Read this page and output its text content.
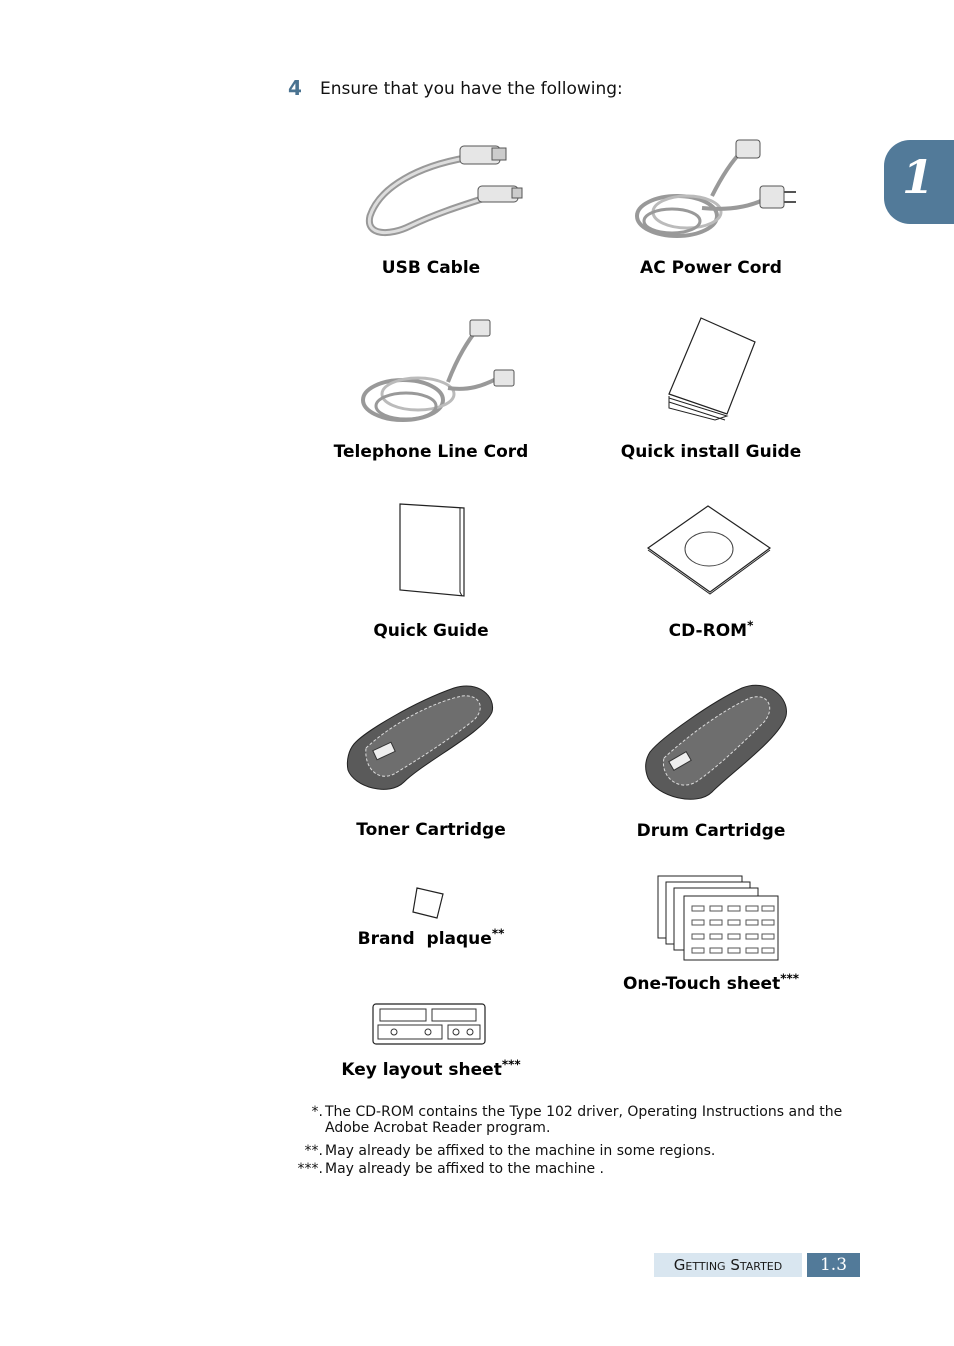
1
4 Ensure that you have the following:
USB Cable	AC Power Cord
Telephone Line Cord	Quick install Guide
Quick Guide	CD-ROM*
Toner Cartridge	Drum Cartridge
Brand  plaque**
One-Touch sheet***
Key layout sheet***
*. The CD-ROM contains the Type 102 driver, Operating Instructions and the
Adobe Acrobat Reader program.
**. May already be affixed to the machine in some regions.
***. May already be affixed to the machine .
Getting Started	1.3
